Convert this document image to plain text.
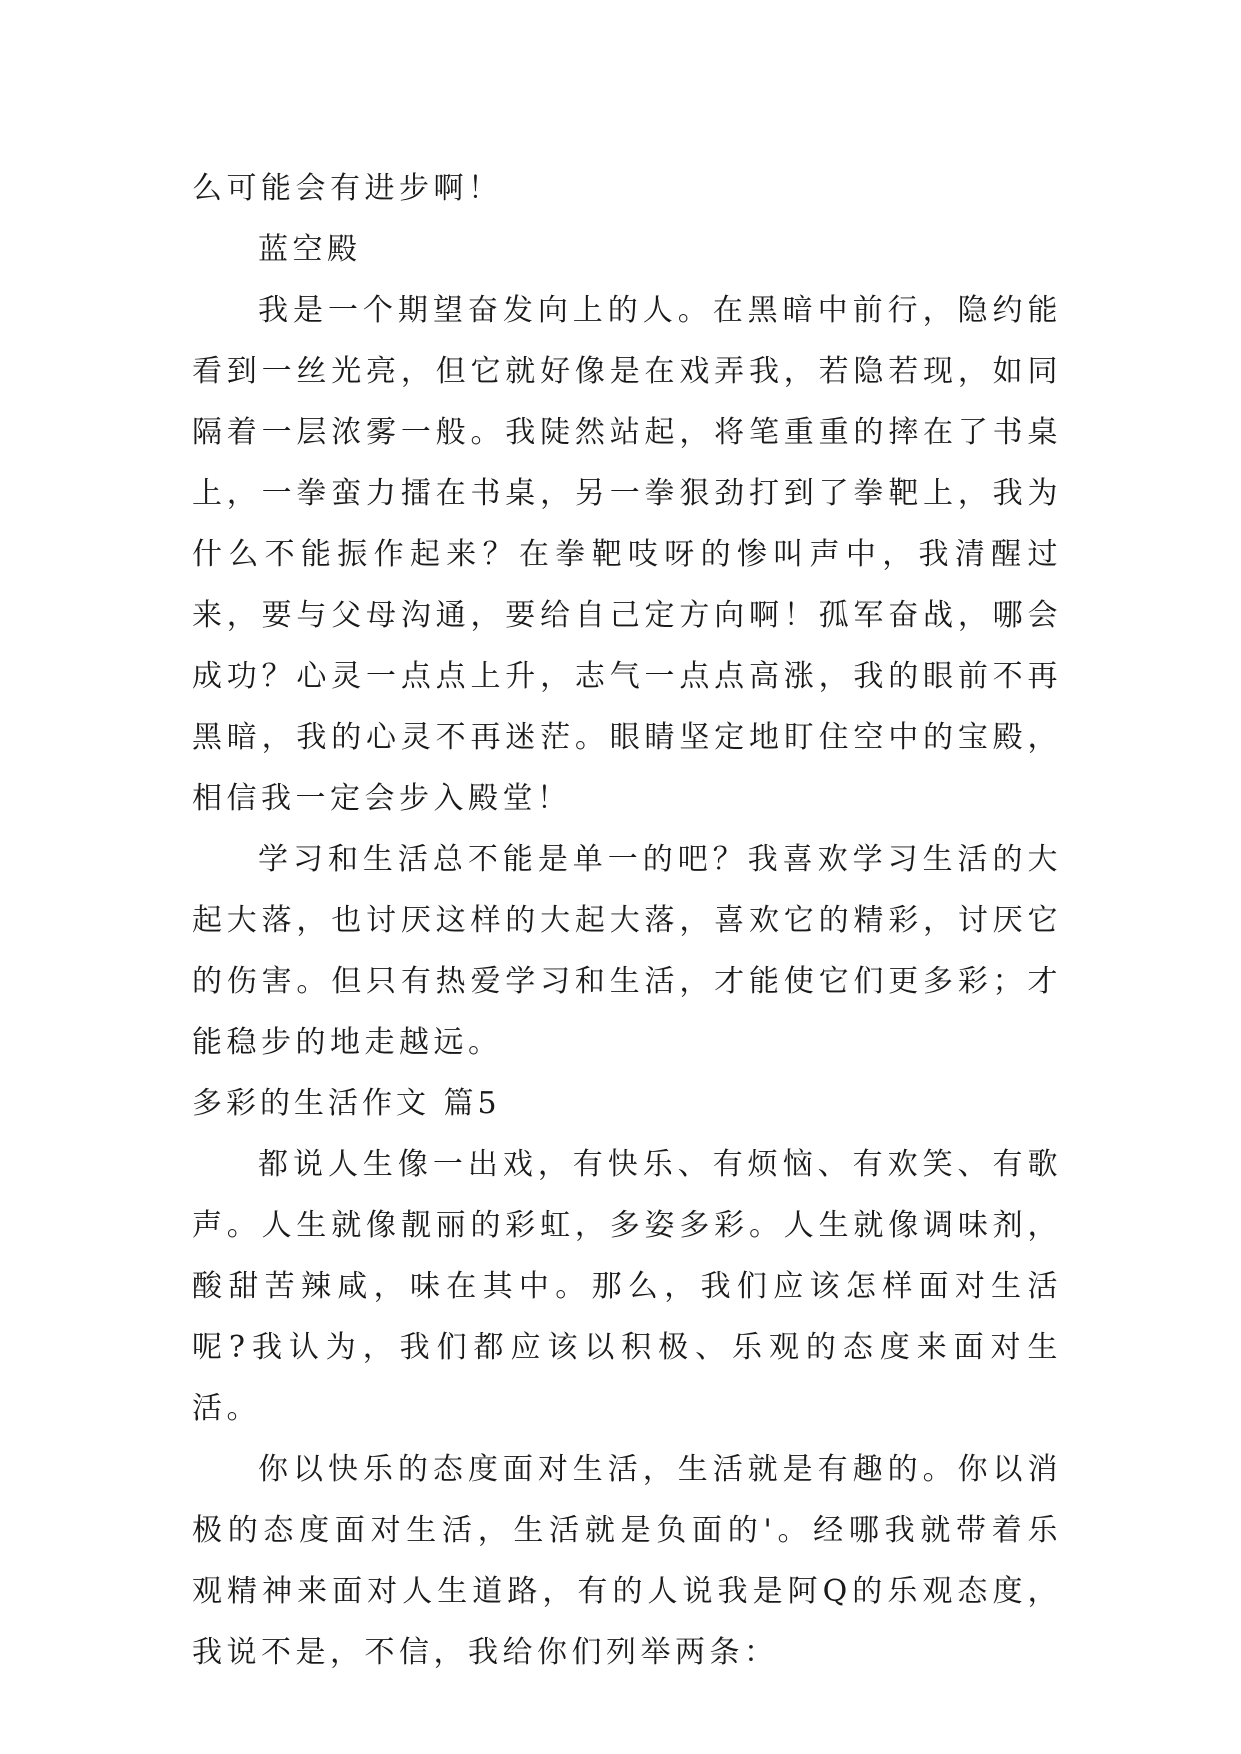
么可能会有进步啊！

蓝空殿

我是一个期望奋发向上的人。在黑暗中前行，隐约能看到一丝光亮，但它就好像是在戏弄我，若隐若现，如同隔着一层浓雾一般。我陡然站起，将笔重重的摔在了书桌上，一拳蛮力擂在书桌，另一拳狠劲打到了拳靶上，我为什么不能振作起来？在拳靶吱呀的惨叫声中，我清醒过来，要与父母沟通，要给自己定方向啊！孤军奋战，哪会成功？心灵一点点上升，志气一点点高涨，我的眼前不再黑暗，我的心灵不再迷茫。眼睛坚定地盯住空中的宝殿，相信我一定会步入殿堂！

学习和生活总不能是单一的吧？我喜欢学习生活的大起大落，也讨厌这样的大起大落，喜欢它的精彩，讨厌它的伤害。但只有热爱学习和生活，才能使它们更多彩；才能稳步的地走越远。

多彩的生活作文 篇5

都说人生像一出戏，有快乐、有烦恼、有欢笑、有歌声。人生就像靓丽的彩虹，多姿多彩。人生就像调味剂，酸甜苦辣咸，味在其中。那么，我们应该怎样面对生活呢?我认为，我们都应该以积极、乐观的态度来面对生活。

你以快乐的态度面对生活，生活就是有趣的。你以消极的态度面对生活，生活就是负面的'。经哪我就带着乐观精神来面对人生道路，有的人说我是阿Q的乐观态度，我说不是，不信，我给你们列举两条：
